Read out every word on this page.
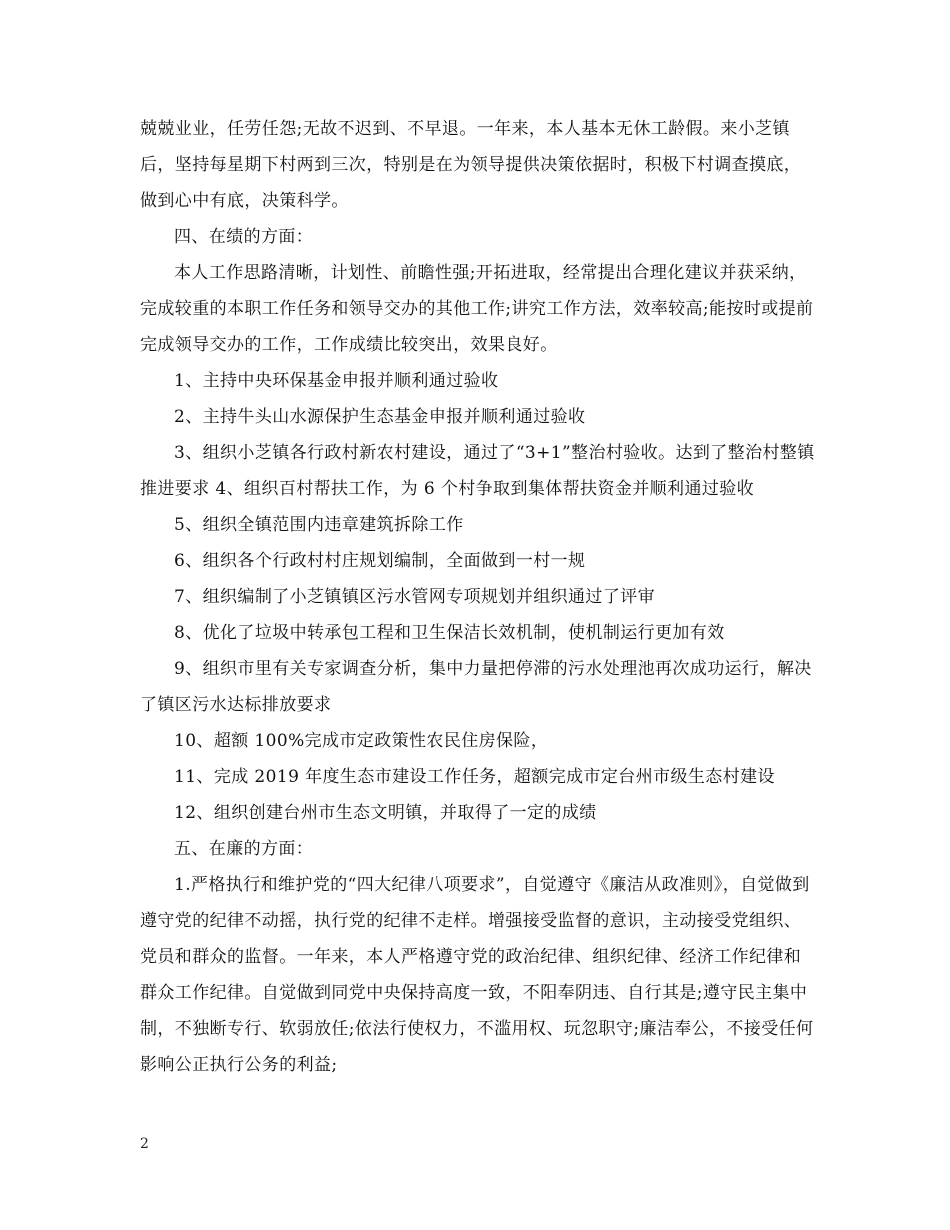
兢兢业业，任劳任怨;无故不迟到、不早退。一年来，本人基本无休工龄假。来小芝镇后，坚持每星期下村两到三次，特别是在为领导提供决策依据时，积极下村调查摸底，做到心中有底，决策科学。

四、在绩的方面：

本人工作思路清晰，计划性、前瞻性强;开拓进取，经常提出合理化建议并获采纳，完成较重的本职工作任务和领导交办的其他工作;讲究工作方法，效率较高;能按时或提前完成领导交办的工作，工作成绩比较突出，效果良好。

1、主持中央环保基金申报并顺利通过验收

2、主持牛头山水源保护生态基金申报并顺利通过验收

3、组织小芝镇各行政村新农村建设，通过了“3+1”整治村验收。达到了整治村整镇推进要求 4、组织百村帮扶工作，为 6 个村争取到集体帮扶资金并顺利通过验收

5、组织全镇范围内违章建筑拆除工作

6、组织各个行政村村庄规划编制，全面做到一村一规

7、组织编制了小芝镇镇区污水管网专项规划并组织通过了评审

8、优化了垃圾中转承包工程和卫生保洁长效机制，使机制运行更加有效

9、组织市里有关专家调查分析，集中力量把停滞的污水处理池再次成功运行，解决了镇区污水达标排放要求

10、超额 100%完成市定政策性农民住房保险，

11、完成 2019 年度生态市建设工作任务，超额完成市定台州市级生态村建设

12、组织创建台州市生态文明镇，并取得了一定的成绩

五、在廉的方面：

1.严格执行和维护党的“四大纪律八项要求”，自觉遵守《廉洁从政准则》，自觉做到遵守党的纪律不动摇，执行党的纪律不走样。增强接受监督的意识，主动接受党组织、党员和群众的监督。一年来，本人严格遵守党的政治纪律、组织纪律、经济工作纪律和群众工作纪律。自觉做到同党中央保持高度一致，不阳奉阴违、自行其是;遵守民主集中制，不独断专行、软弱放任;依法行使权力，不滥用权、玩忽职守;廉洁奉公，不接受任何影响公正执行公务的利益;

2
